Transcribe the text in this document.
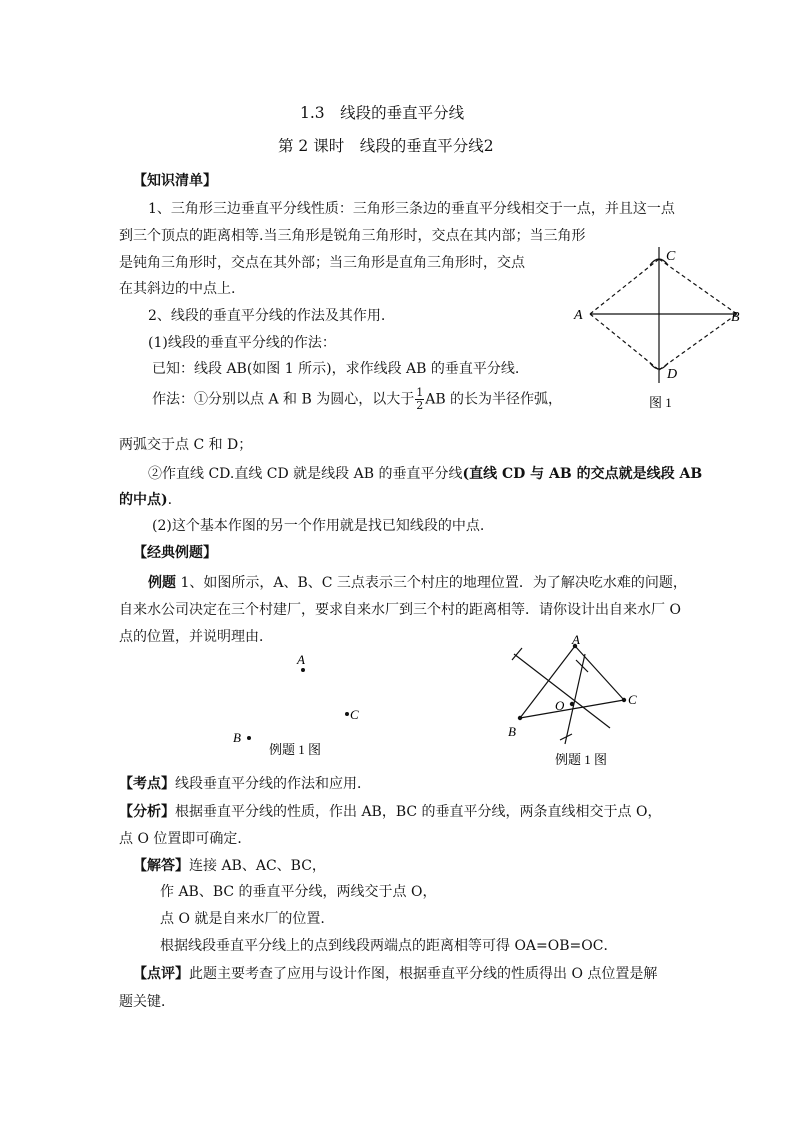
1.3　线段的垂直平分线
第 2 课时　线段的垂直平分线2
【知识清单】
1、三角形三边垂直平分线性质：三角形三条边的垂直平分线相交于一点，并且这一点
到三个顶点的距离相等.当三角形是锐角三角形时，交点在其内部；当三角形
是钝角三角形时，交点在其外部；当三角形是直角三角形时，交点
在其斜边的中点上.
2、线段的垂直平分线的作法及其作用.
(1)线段的垂直平分线的作法：
已知：线段 AB(如图 1 所示)，求作线段 AB 的垂直平分线.
作法：①分别以点 A 和 B 为圆心，以大于 $\frac{1}{2}$ AB 的长为半径作弧，
两弧交于点 C 和 D；
②作直线 CD.直线 CD 就是线段 AB 的垂直平分线(直线 CD 与 AB 的交点就是线段 AB
的中点).
(2)这个基本作图的另一个作用就是找已知线段的中点.
A	B
C
D
图 1
【经典例题】
例题 1、如图所示，A、B、C 三点表示三个村庄的地理位置．为了解决吃水难的问题，
自来水公司决定在三个村建厂，要求自来水厂到三个村的距离相等．请你设计出自来水厂 O
点的位置，并说明理由．
A
C
B
例题 1 图
A
B
C
O
例题 1 图
【考点】线段垂直平分线的作法和应用．
【分析】根据垂直平分线的性质，作出 AB，BC 的垂直平分线，两条直线相交于点 O，
点 O 位置即可确定．
【解答】连接 AB、AC、BC，
作 AB、BC 的垂直平分线，两线交于点 O，
点 O 就是自来水厂的位置.
根据线段垂直平分线上的点到线段两端点的距离相等可得 OA=OB=OC．
【点评】此题主要考查了应用与设计作图，根据垂直平分线的性质得出 O 点位置是解
题关键．
